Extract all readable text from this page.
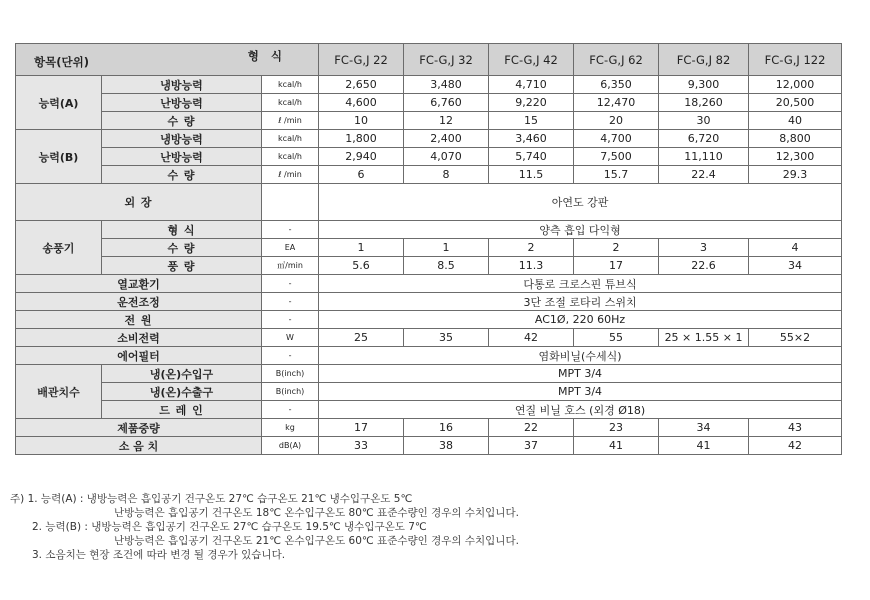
형 식
항목(단위)			FC-G,J 22	FC-G,J 32	FC-G,J 42	FC-G,J 62	FC-G,J 82	FC-G,J 122
능력(A)	냉방능력	kcal/h	2,650	3,480	4,710	6,350	9,300	12,000
	난방능력	kcal/h	4,600	6,760	9,220	12,470	18,260	20,500
	수 량	ℓ /min	10	12	15	20	30	40
능력(B)	냉방능력	kcal/h	1,800	2,400	3,460	4,700	6,720	8,800
	난방능력	kcal/h	2,940	4,070	5,740	7,500	11,110	12,300
	수 량	ℓ /min	6	8	11.5	15.7	22.4	29.3
외 장			아연도 강판					
송풍기	형 식	-	양측 흡입 다익형					
	수 량	EA	1	1	2	2	3	4
	풍 량	㎥/min	5.6	8.5	11.3	17	22.6	34
열교환기		-	다통로 크로스핀 튜브식					
운전조정		-	3단 조절 로타리 스위치					
전 원		-	AC1Ø, 220 60Hz					
소비전력		W	25	35	42	55	25 × 1.55 × 1	55×2
에어필터		-	염화비닐(수세식)					
배관치수	냉(온)수입구	B(inch)	MPT 3/4					
	냉(온)수출구	B(inch)	MPT 3/4					
	드 레 인	-	연질 비닐 호스 (외경 Ø18)					
제품중량		kg	17	16	22	23	34	43
소 음 치		dB(A)	33	38	37	41	41	42
주) 1. 능력(A) : 냉방능력은 흡입공기 건구온도 27℃ 습구온도 21℃ 냉수입구온도 5℃
난방능력은 흡입공기 건구온도 18℃ 온수입구온도 80℃ 표준수량인 경우의 수치입니다.
2. 능력(B) : 냉방능력은 흡입공기 건구온도 27℃ 습구온도 19.5℃ 냉수입구온도 7℃
난방능력은 흡입공기 건구온도 21℃ 온수입구온도 60℃ 표준수량인 경우의 수치입니다.
3. 소음치는 현장 조건에 따라 변경 될 경우가 있습니다.
